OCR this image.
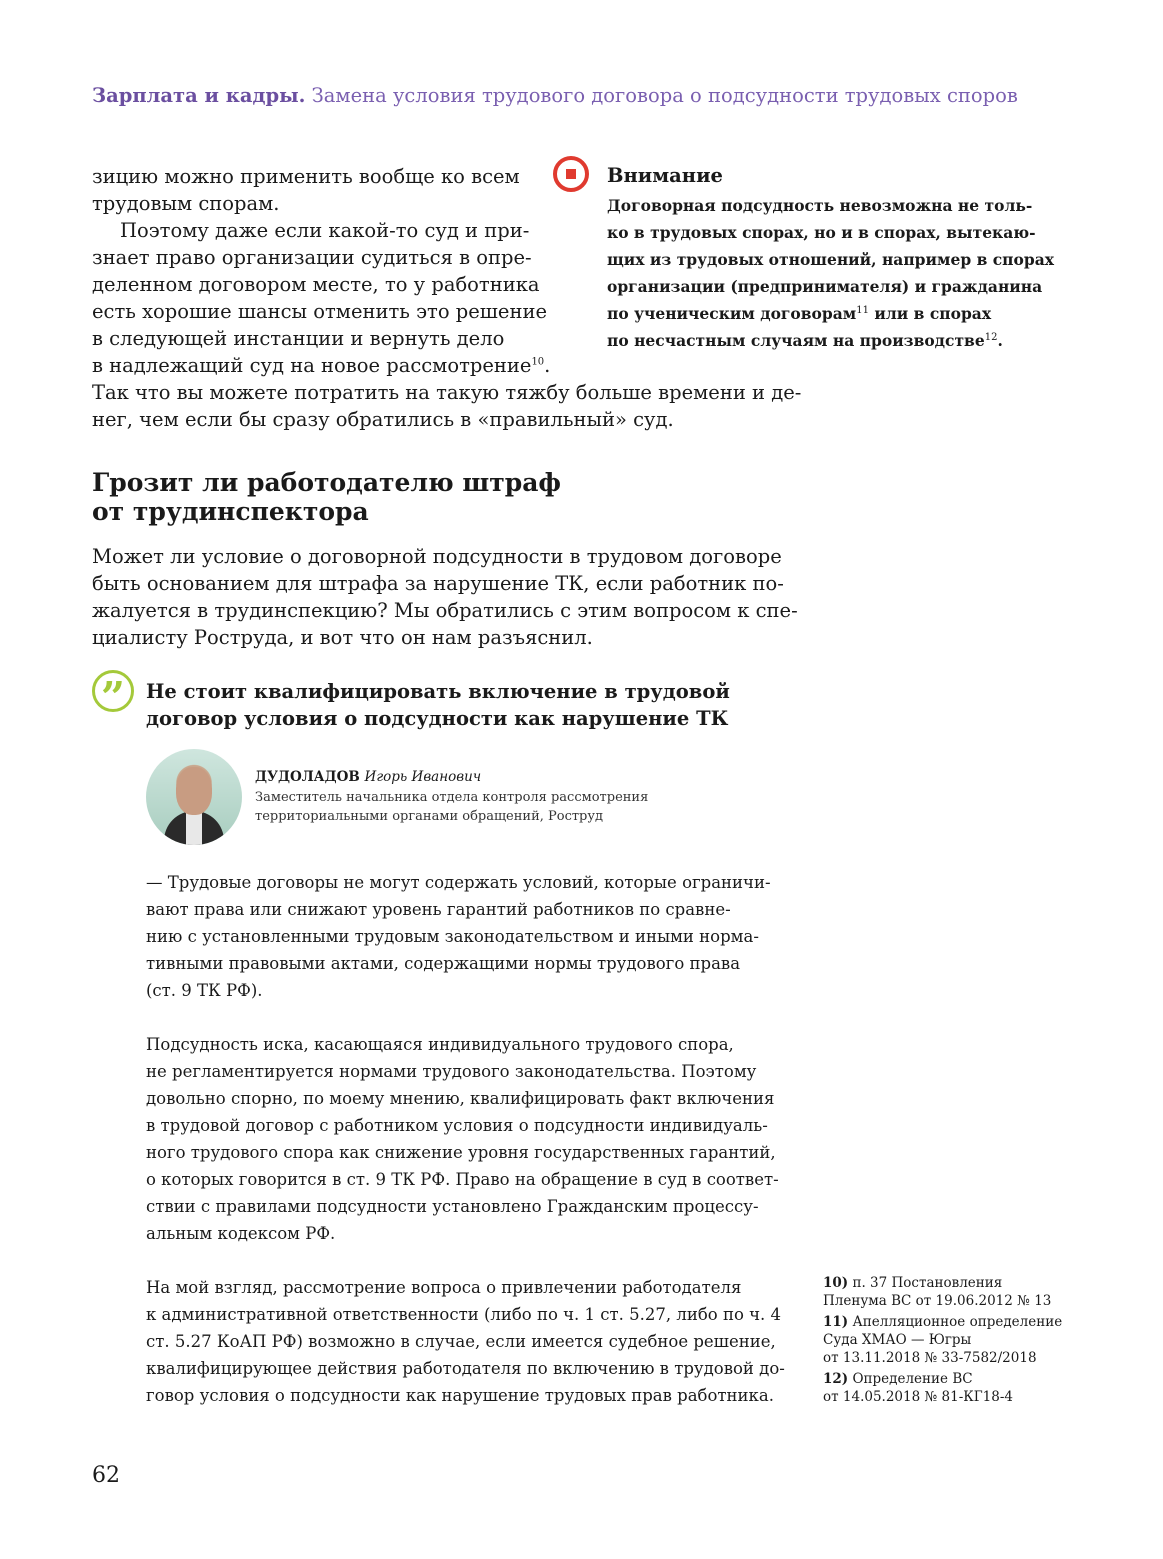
Зарплата и кадры. Замена условия трудового договора о подсудности трудовых споров
зицию можно применить вообще ко всем
трудовым спорам.
Поэтому даже если какой-то суд и при-
знает право организации судиться в опре-
деленном договором месте, то у работника
есть хорошие шансы отменить это решение
в следующей инстанции и вернуть дело
в надлежащий суд на новое рассмотрение$^{10}$.
Так что вы можете потратить на такую тяжбу больше времени и де-
нег, чем если бы сразу обратились в «правильный» суд.
Внимание
Договорная подсудность невозможна не толь-
ко в трудовых спорах, но и в спорах, вытекаю-
щих из трудовых отношений, например в спорах
организации (предпринимателя) и гражданина
по ученическим договорам$^{11}$ или в спорах
по несчастным случаям на производстве$^{12}$.
Грозит ли работодателю штраф
от трудинспектора
Может ли условие о договорной подсудности в трудовом договоре
быть основанием для штрафа за нарушение ТК, если работник по-
жалуется в трудинспекцию? Мы обратились с этим вопросом к спе-
циалисту Роструда, и вот что он нам разъяснил.
”	Не стоит квалифицировать включение в трудовой
договор условия о подсудности как нарушение ТК
ДУДОЛАДОВ Игорь Иванович
Заместитель начальника отдела контроля рассмотрения
территориальными органами обращений, Роструд
— Трудовые договоры не могут содержать условий, которые ограничи-
вают права или снижают уровень гарантий работников по сравне-
нию с установленными трудовым законодательством и иными норма-
тивными правовыми актами, содержащими нормы трудового права
(ст. 9 ТК РФ).
Подсудность иска, касающаяся индивидуального трудового спора,
не регламентируется нормами трудового законодательства. Поэтому
довольно спорно, по моему мнению, квалифицировать факт включения
в трудовой договор с работником условия о подсудности индивидуаль-
ного трудового спора как снижение уровня государственных гарантий,
о которых говорится в ст. 9 ТК РФ. Право на обращение в суд в соответ-
ствии с правилами подсудности установлено Гражданским процессу-
альным кодексом РФ.
На мой взгляд, рассмотрение вопроса о привлечении работодателя
к административной ответственности (либо по ч. 1 ст. 5.27, либо по ч. 4
ст. 5.27 КоАП РФ) возможно в случае, если имеется судебное решение,
квалифицирующее действия работодателя по включению в трудовой до-
говор условия о подсудности как нарушение трудовых прав работника.
10) п. 37 Постановления
Пленума ВС от 19.06.2012 № 13
11) Апелляционное определение
Суда ХМАО — Югры
от 13.11.2018 № 33-7582/2018
12) Определение ВС
от 14.05.2018 № 81-КГ18-4
62
